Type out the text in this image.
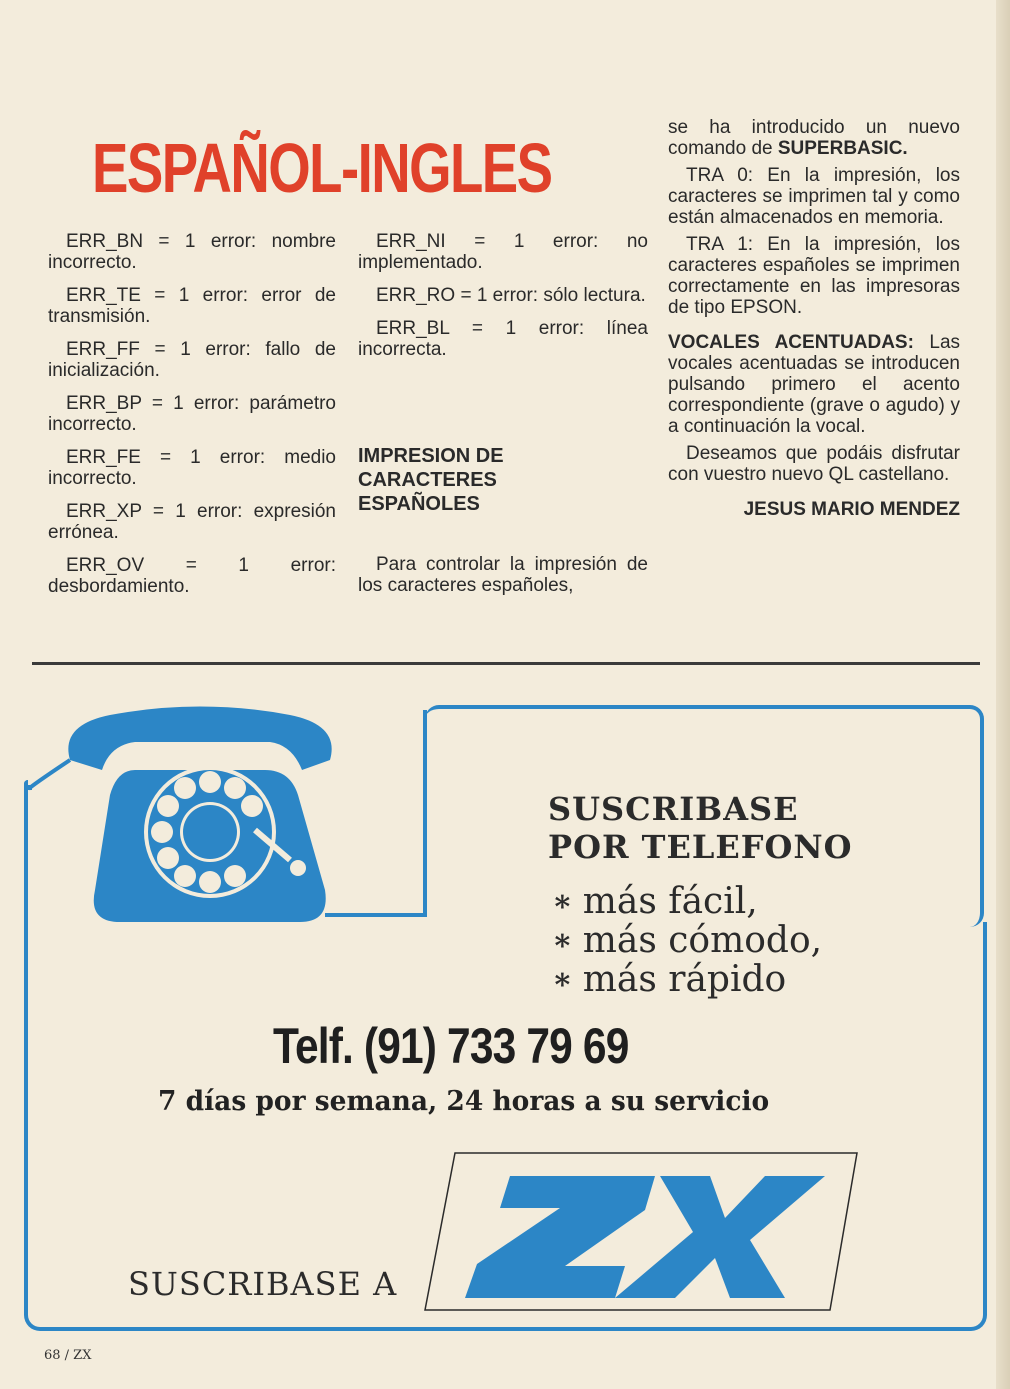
ESPAÑOL-INGLES

ERR_BN = 1 error: nombre incorrecto.

ERR_TE = 1 error: error de transmisión.

ERR_FF = 1 error: fallo de inicialización.

ERR_BP = 1 error: parámetro incorrecto.

ERR_FE = 1 error: medio incorrecto.

ERR_XP = 1 error: expresión errónea.

ERR_OV = 1 error: desbordamiento.

ERR_NI = 1 error: no implementado.

ERR_RO = 1 error: sólo lectura.

ERR_BL = 1 error: línea incorrecta.

IMPRESION DE
CARACTERES
ESPAÑOLES

Para controlar la impresión de los caracteres españoles,

se ha introducido un nuevo comando de SUPERBASIC.

TRA 0: En la impresión, los caracteres se imprimen tal y como están almacenados en memoria.

TRA 1: En la impresión, los caracteres españoles se imprimen correctamente en las impresoras de tipo EPSON.

VOCALES ACENTUADAS: Las vocales acentuadas se introducen pulsando primero el acento correspondiente (grave o agudo) y a continuación la vocal.

Deseamos que podáis disfrutar con vuestro nuevo QL castellano.

JESUS MARIO MENDEZ

SUSCRIBASE
POR TELEFONO
∗ más fácil,
∗ más cómodo,
∗ más rápido
Telf. (91) 733 79 69
7 días por semana, 24 horas a su servicio
ZX
SUSCRIBASE A
68 / ZX
